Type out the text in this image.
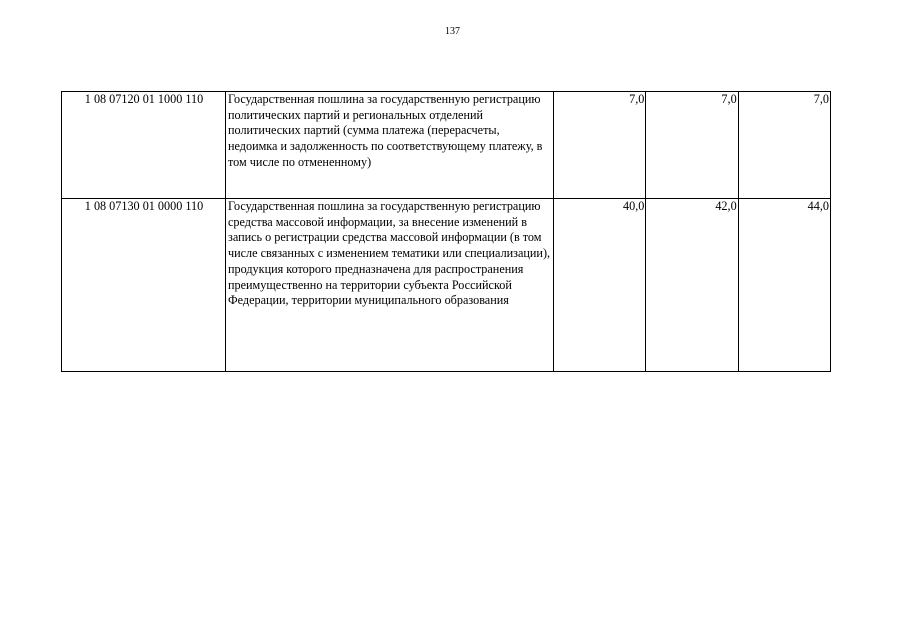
137
1 08 07120 01 1000 110	Государственная пошлина за государственную регистрацию политических партий и региональных отделений политических партий (сумма платежа (перерасчеты, недоимка и задолженность по соответствующему платежу, в том числе по отмененному)	7,0	7,0	7,0
1 08 07130 01 0000 110	Государственная пошлина за государственную регистрацию средства массовой информации, за внесение изменений в запись о регистрации средства массовой информации (в том числе связанных с изменением тематики или специализации), продукция которого предназначена для распространения преимущественно на территории субъекта Российской Федерации, территории муниципального образования	40,0	42,0	44,0
